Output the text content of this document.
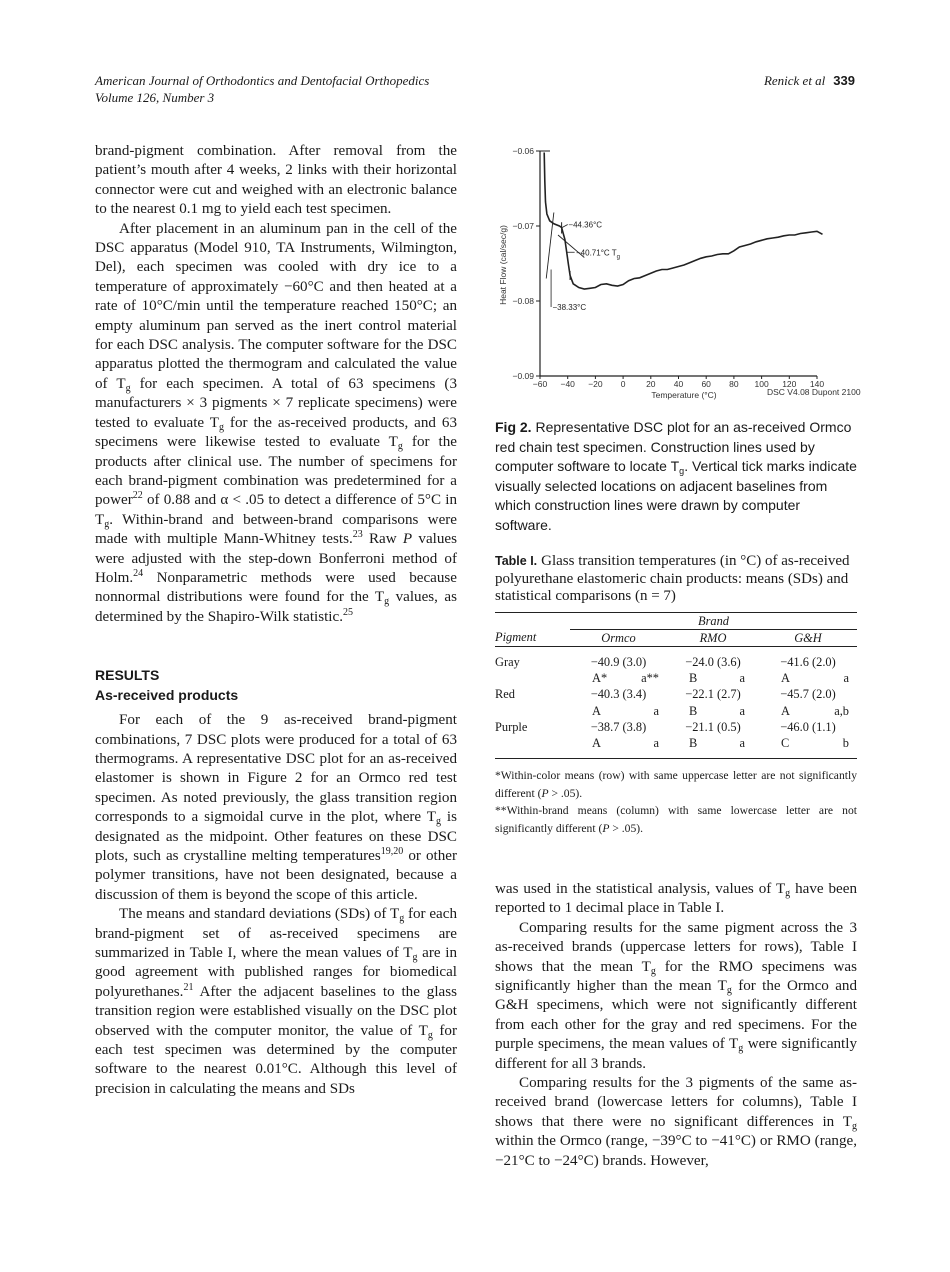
American Journal of Orthodontics and Dentofacial Orthopedics
Volume 126, Number 3
Renick et al 339

brand-pigment combination. After removal from the patient’s mouth after 4 weeks, 2 links with their horizontal connector were cut and weighed with an electronic balance to the nearest 0.1 mg to yield each test specimen.

After placement in an aluminum pan in the cell of the DSC apparatus (Model 910, TA Instruments, Wilmington, Del), each specimen was cooled with dry ice to a temperature of approximately −60°C and then heated at a rate of 10°C/min until the temperature reached 150°C; an empty aluminum pan served as the inert control material for each DSC analysis. The computer software for the DSC apparatus plotted the thermogram and calculated the value of $T_g$ for each specimen. A total of 63 specimens (3 manufacturers × 3 pigments × 7 replicate specimens) were tested to evaluate $T_g$ for the as-received products, and 63 specimens were likewise tested to evaluate $T_g$ for the products after clinical use. The number of specimens for each brand-pigment combination was predetermined for a power$^{22}$ of 0.88 and α < .05 to detect a difference of 5°C in $T_g$. Within-brand and between-brand comparisons were made with multiple Mann-Whitney tests.$^{23}$ Raw P values were adjusted with the step-down Bonferroni method of Holm.$^{24}$ Nonparametric methods were used because nonnormal distributions were found for the $T_g$ values, as determined by the Shapiro-Wilk statistic.$^{25}$

RESULTS
As-received products

For each of the 9 as-received brand-pigment combinations, 7 DSC plots were produced for a total of 63 thermograms. A representative DSC plot for an as-received elastomer is shown in Figure 2 for an Ormco red test specimen. As noted previously, the glass transition region corresponds to a sigmoidal curve in the plot, where $T_g$ is designated as the midpoint. Other features on these DSC plots, such as crystalline melting temperatures$^{19,20}$ or other polymer transitions, have not been designated, because a discussion of them is beyond the scope of this article.

The means and standard deviations (SDs) of $T_g$ for each brand-pigment set of as-received specimens are summarized in Table I, where the mean values of $T_g$ are in good agreement with published ranges for biomedical polyurethanes.$^{21}$ After the adjacent baselines to the glass transition region were established visually on the DSC plot observed with the computer monitor, the value of $T_g$ for each test specimen was determined by the computer software to the nearest 0.01°C. Although this level of precision in calculating the means and SDs

−0.06
−0.07
−0.08
−0.09
−60 −40 −20 0 20 40 60 80 100 120 140
−44.36°C
−40.71°C $T_g$
−38.33°C
Heat Flow (cal/sec/g)
Temperature (°C)	DSC V4.08 Dupont 2100
Fig 2. Representative DSC plot for an as-received Ormco red chain test specimen. Construction lines used by computer software to locate $T_g$. Vertical tick marks indicate visually selected locations on adjacent baselines from which construction lines were drawn by computer software.
Table I. Glass transition temperatures (in °C) of as-received polyurethane elastomeric chain products: means (SDs) and statistical comparisons (n = 7)
	Brand		

Pigment	Ormco	RMO	G&H

Gray	−40.9 (3.0)	−24.0 (3.6)	−41.6 (2.0)

	A* a**	B a	A a

Red	−40.3 (3.4)	−22.1 (2.7)	−45.7 (2.0)

	A a	B a	A a,b

Purple	−38.7 (3.8)	−21.1 (0.5)	−46.0 (1.1)

	A a	B a	C b
*Within-color means (row) with same uppercase letter are not significantly different (P > .05).
**Within-brand means (column) with same lowercase letter are not significantly different (P > .05).

was used in the statistical analysis, values of $T_g$ have been reported to 1 decimal place in Table I.

Comparing results for the same pigment across the 3 as-received brands (uppercase letters for rows), Table I shows that the mean $T_g$ for the RMO specimens was significantly higher than the mean $T_g$ for the Ormco and G&H specimens, which were not significantly different from each other for the gray and red specimens. For the purple specimens, the mean values of $T_g$ were significantly different for all 3 brands.

Comparing results for the 3 pigments of the same as-received brand (lowercase letters for columns), Table I shows that there were no significant differences in $T_g$ within the Ormco (range, −39°C to −41°C) or RMO (range, −21°C to −24°C) brands. However,
